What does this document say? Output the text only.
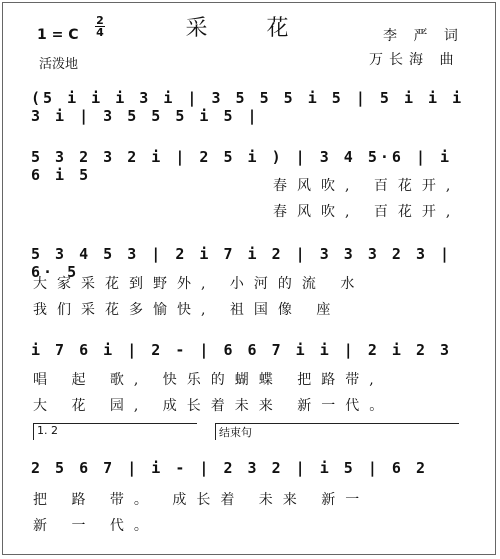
采 花
1 = C
2
4
活泼地
李 严 词
万长海 曲
(5 i i i 3 i | 3 5 5 5 i 5 | 5 i i i 3 i | 3 5 5 5 i 5 |
5 3 2 3 2 i | 2 5 i ) | 3 4 5·6 | i 6 i 5
春风吹, 百花开,
春风吹, 百花开,
5 3 4 5 3 | 2 i 7 i 2 | 3 3 3 2 3 | 6· 5
大家采花到野外, 小河的流 水
我们采花多愉快, 祖国像 座
i 7 6 i | 2 - | 6 6 7 i i | 2 i 2 3
唱 起 歌, 快乐的蝴蝶 把路带,
大 花 园, 成长着未来 新一代。
1. 2	结束句
2 5 6 7 | i - | 2 3 2 | i 5 | 6 2
把 路 带。 成长着 未来 新一
新 一 代。
